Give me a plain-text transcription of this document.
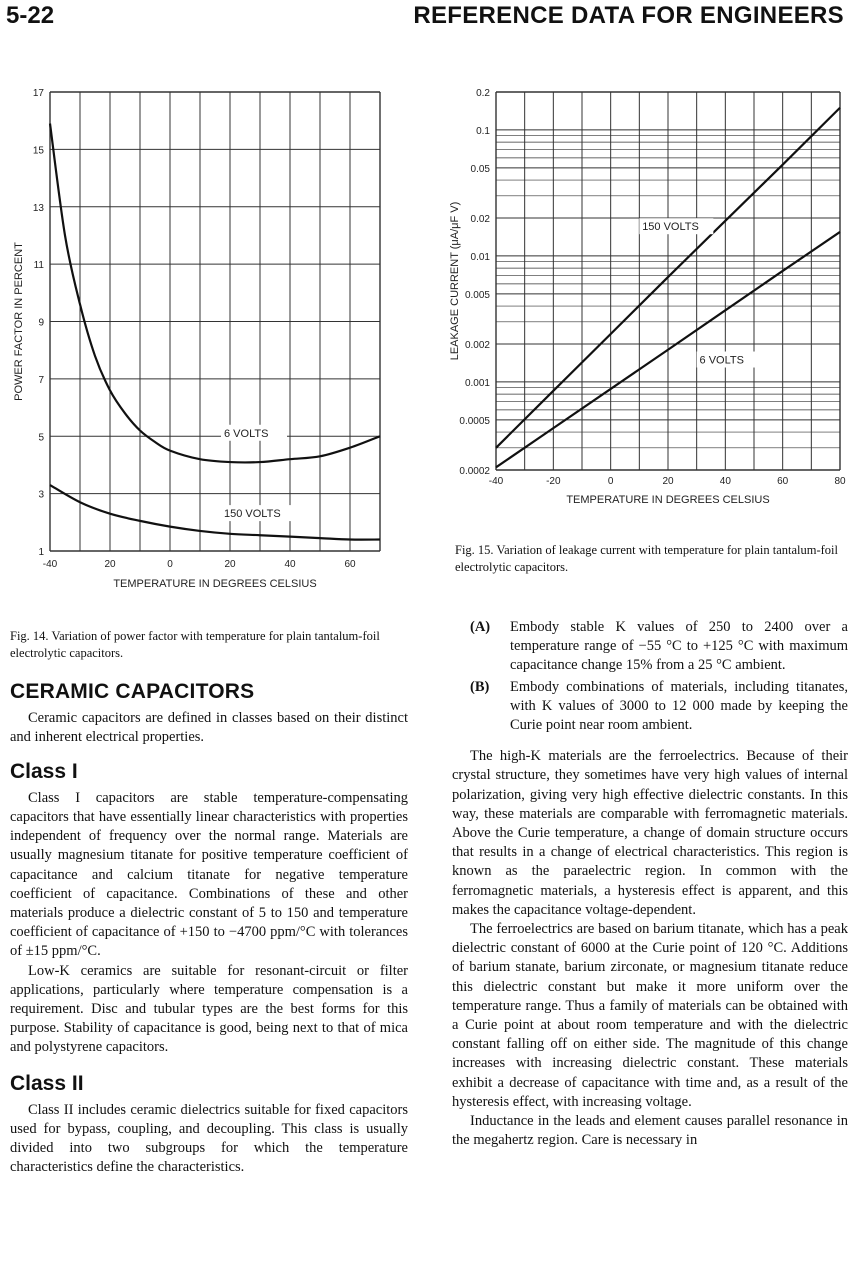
5-22	REFERENCE DATA FOR ENGINEERS
1
3
5
7
9
11
13
15
17
-40	20	0	20	40	60
TEMPERATURE IN DEGREES CELSIUS
POWER FACTOR IN PERCENT
6 VOLTS
150 VOLTS
Fig. 14. Variation of power factor with temperature for plain tantalum-foil electrolytic capacitors.
0.2
0.1
0.05
0.02
0.01
0.005
0.002
0.001
0.0005
0.0002
-40	-20	0	20	40	60	80
TEMPERATURE IN DEGREES CELSIUS
LEAKAGE CURRENT (μA/μF V)	150 VOLTS
6 VOLTS
Fig. 15. Variation of leakage current with temperature for plain tantalum-foil electrolytic capacitors.
CERAMIC CAPACITORS

Ceramic capacitors are defined in classes based on their distinct and inherent electrical properties.

Class I

Class I capacitors are stable temperature-compensating capacitors that have essentially linear characteristics with properties independent of frequency over the normal range. Materials are usually magnesium titanate for positive temperature coefficient of capacitance and calcium titanate for negative temperature coefficient of capacitance. Combinations of these and other materials produce a dielectric constant of 5 to 150 and temperature coefficient of capacitance of +150 to −4700 ppm/°C with tolerances of ±15 ppm/°C.

Low-K ceramics are suitable for resonant-circuit or filter applications, particularly where temperature compensation is a requirement. Disc and tubular types are the best forms for this purpose. Stability of capacitance is good, being next to that of mica and polystyrene capacitors.

Class II

Class II includes ceramic dielectrics suitable for fixed capacitors used for bypass, coupling, and decoupling. This class is usually divided into two subgroups for which the temperature characteristics define the characteristics.

(A)	Embody stable K values of 250 to 2400 over a temperature range of −55 °C to +125 °C with maximum capacitance change 15% from a 25 °C ambient.
(B)	Embody combinations of materials, including titanates, with K values of 3000 to 12 000 made by keeping the Curie point near room ambient.

The high-K materials are the ferroelectrics. Because of their crystal structure, they sometimes have very high values of internal polarization, giving very high effective dielectric constants. In this way, these materials are comparable with ferromagnetic materials. Above the Curie temperature, a change of domain structure occurs that results in a change of electrical characteristics. This region is known as the paraelectric region. In common with the ferromagnetic materials, a hysteresis effect is apparent, and this makes the capacitance voltage-dependent.

The ferroelectrics are based on barium titanate, which has a peak dielectric constant of 6000 at the Curie point of 120 °C. Additions of barium stanate, barium zirconate, or magnesium titanate reduce this dielectric constant but make it more uniform over the temperature range. Thus a family of materials can be obtained with a Curie point at about room temperature and with the dielectric constant falling off on either side. The magnitude of this change increases with increasing dielectric constant. These materials exhibit a decrease of capacitance with time and, as a result of the hysteresis effect, with increasing voltage.

Inductance in the leads and element causes parallel resonance in the megahertz region. Care is necessary in
